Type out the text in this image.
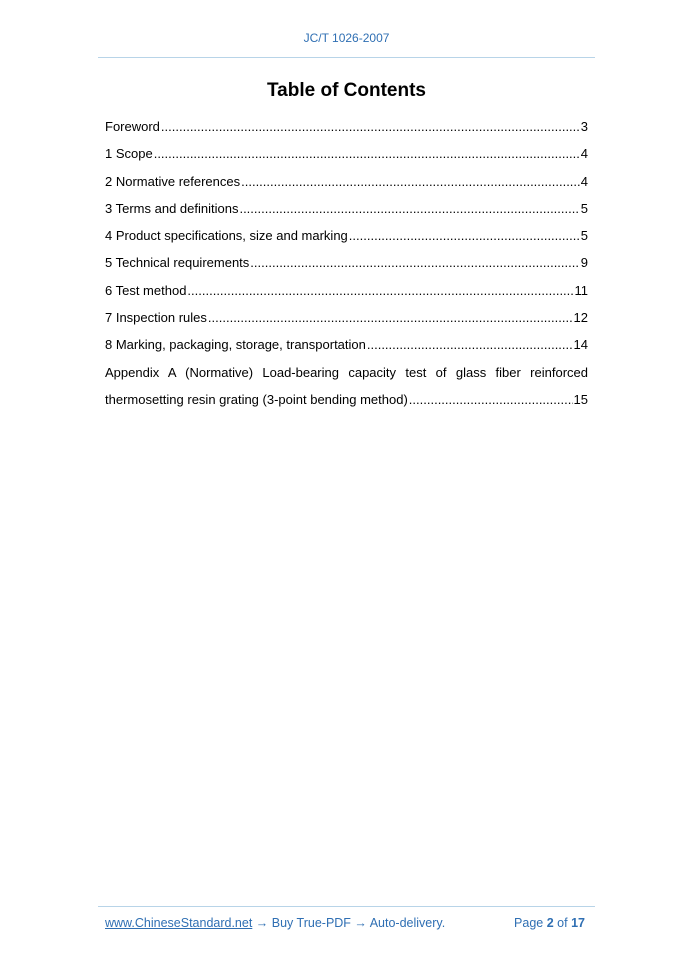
JC/T 1026-2007
Table of Contents
Foreword .....	3
1 Scope .....	4
2 Normative references .....	4
3 Terms and definitions .....	5
4 Product specifications, size and marking .....	5
5 Technical requirements .....	9
6 Test method .....	11
7 Inspection rules .....	12
8 Marking, packaging, storage, transportation .....	14
Appendix A (Normative) Load-bearing capacity test of glass fiber reinforced
thermosetting resin grating (3-point bending method) .....	15
www.ChineseStandard.net → Buy True-PDF → Auto-delivery.	Page 2 of 17
